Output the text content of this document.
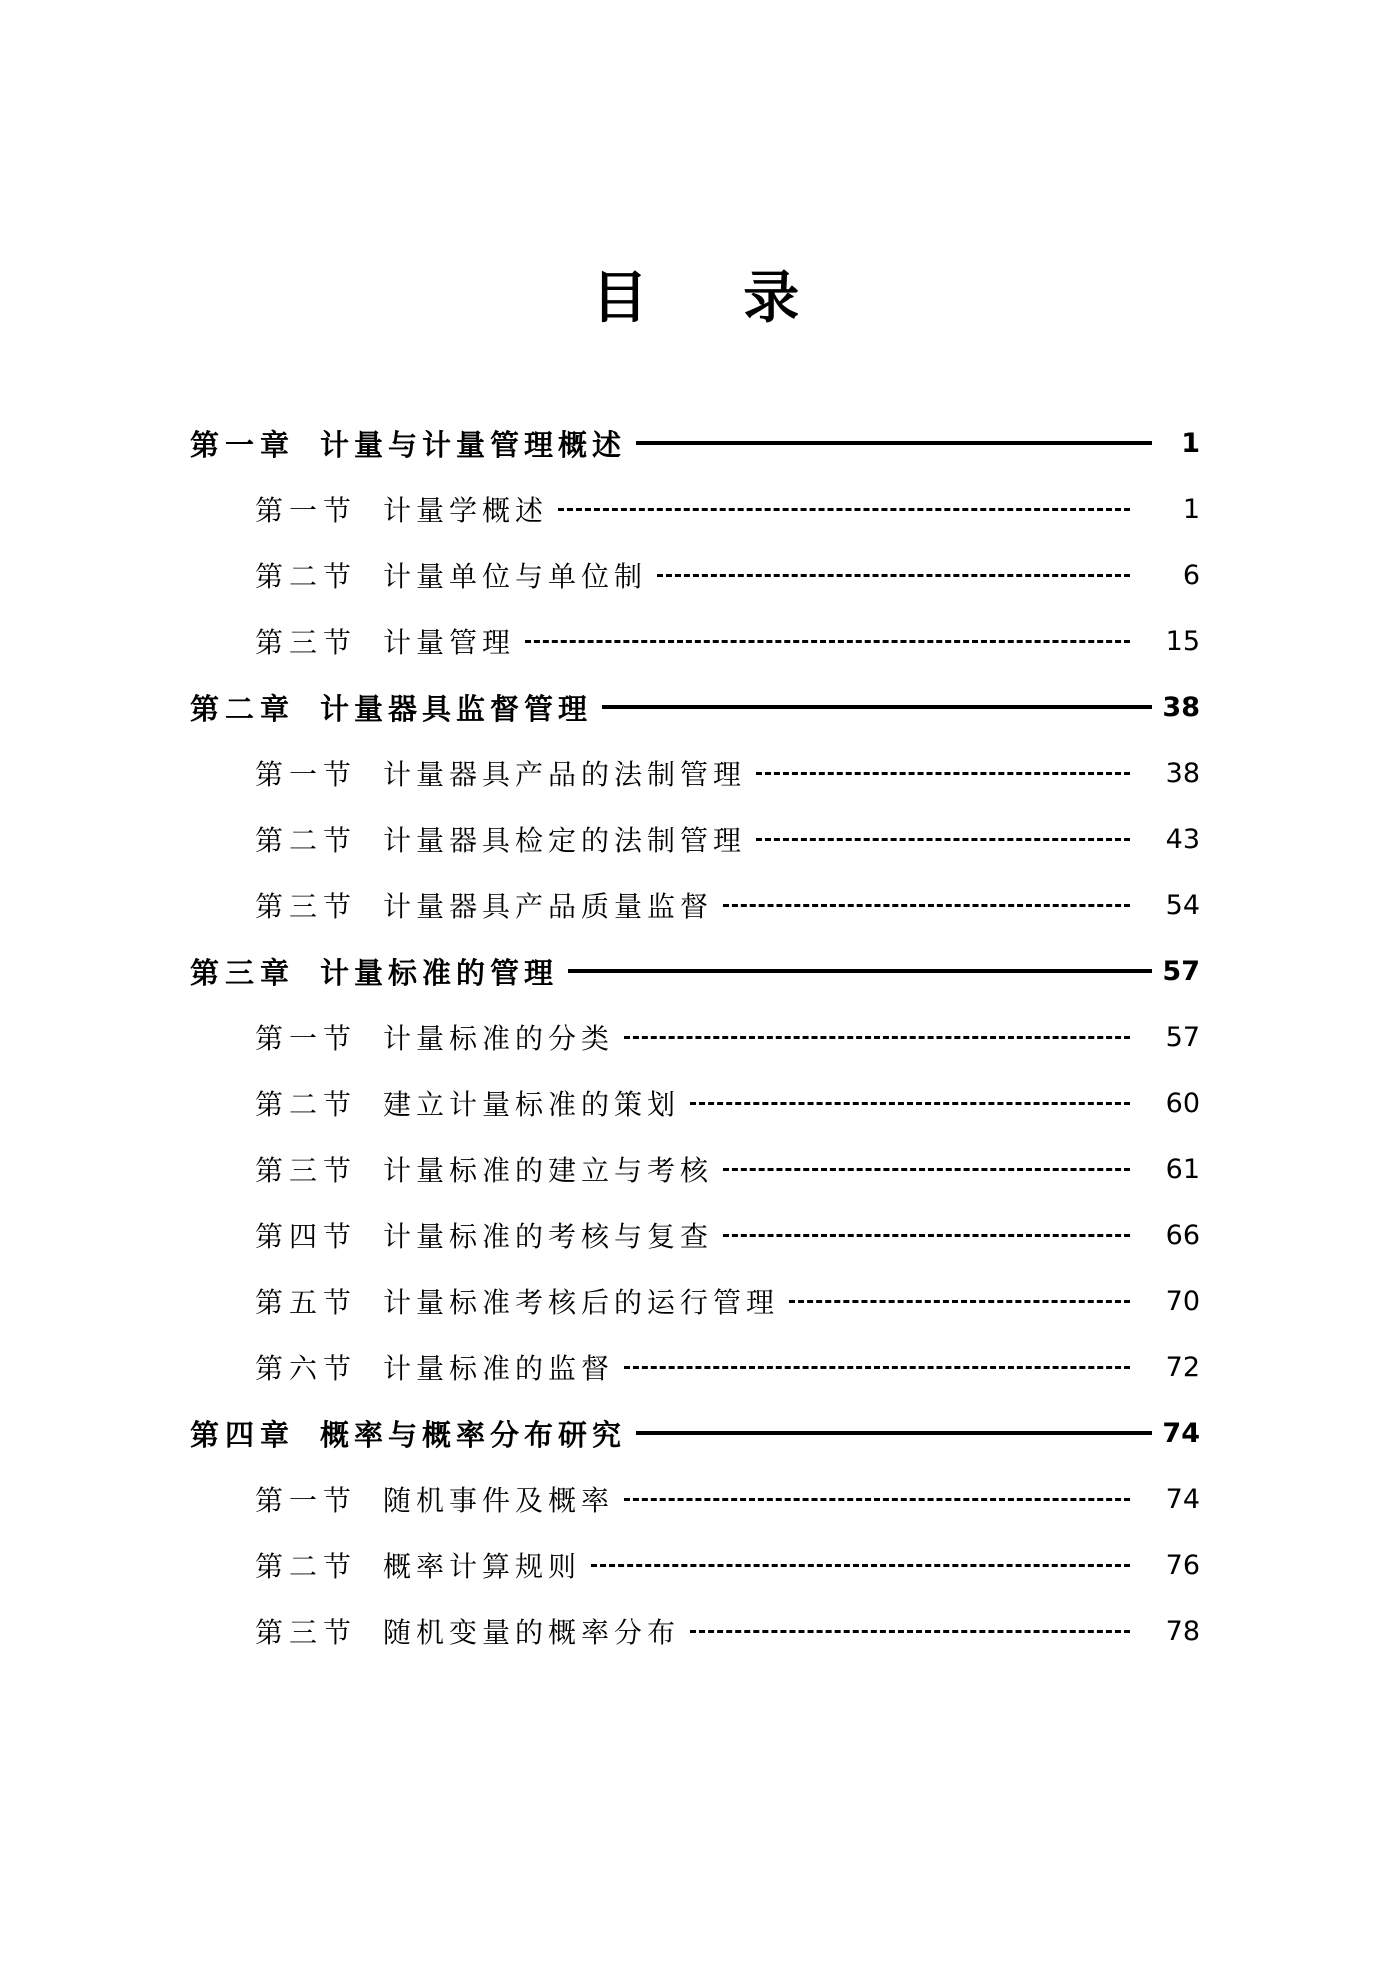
目 录
第一章 计量与计量管理概述	1
第一节 计量学概述	1
第二节 计量单位与单位制	6
第三节 计量管理	15
第二章 计量器具监督管理	38
第一节 计量器具产品的法制管理	38
第二节 计量器具检定的法制管理	43
第三节 计量器具产品质量监督	54
第三章 计量标准的管理	57
第一节 计量标准的分类	57
第二节 建立计量标准的策划	60
第三节 计量标准的建立与考核	61
第四节 计量标准的考核与复查	66
第五节 计量标准考核后的运行管理	70
第六节 计量标准的监督	72
第四章 概率与概率分布研究	74
第一节 随机事件及概率	74
第二节 概率计算规则	76
第三节 随机变量的概率分布	78
